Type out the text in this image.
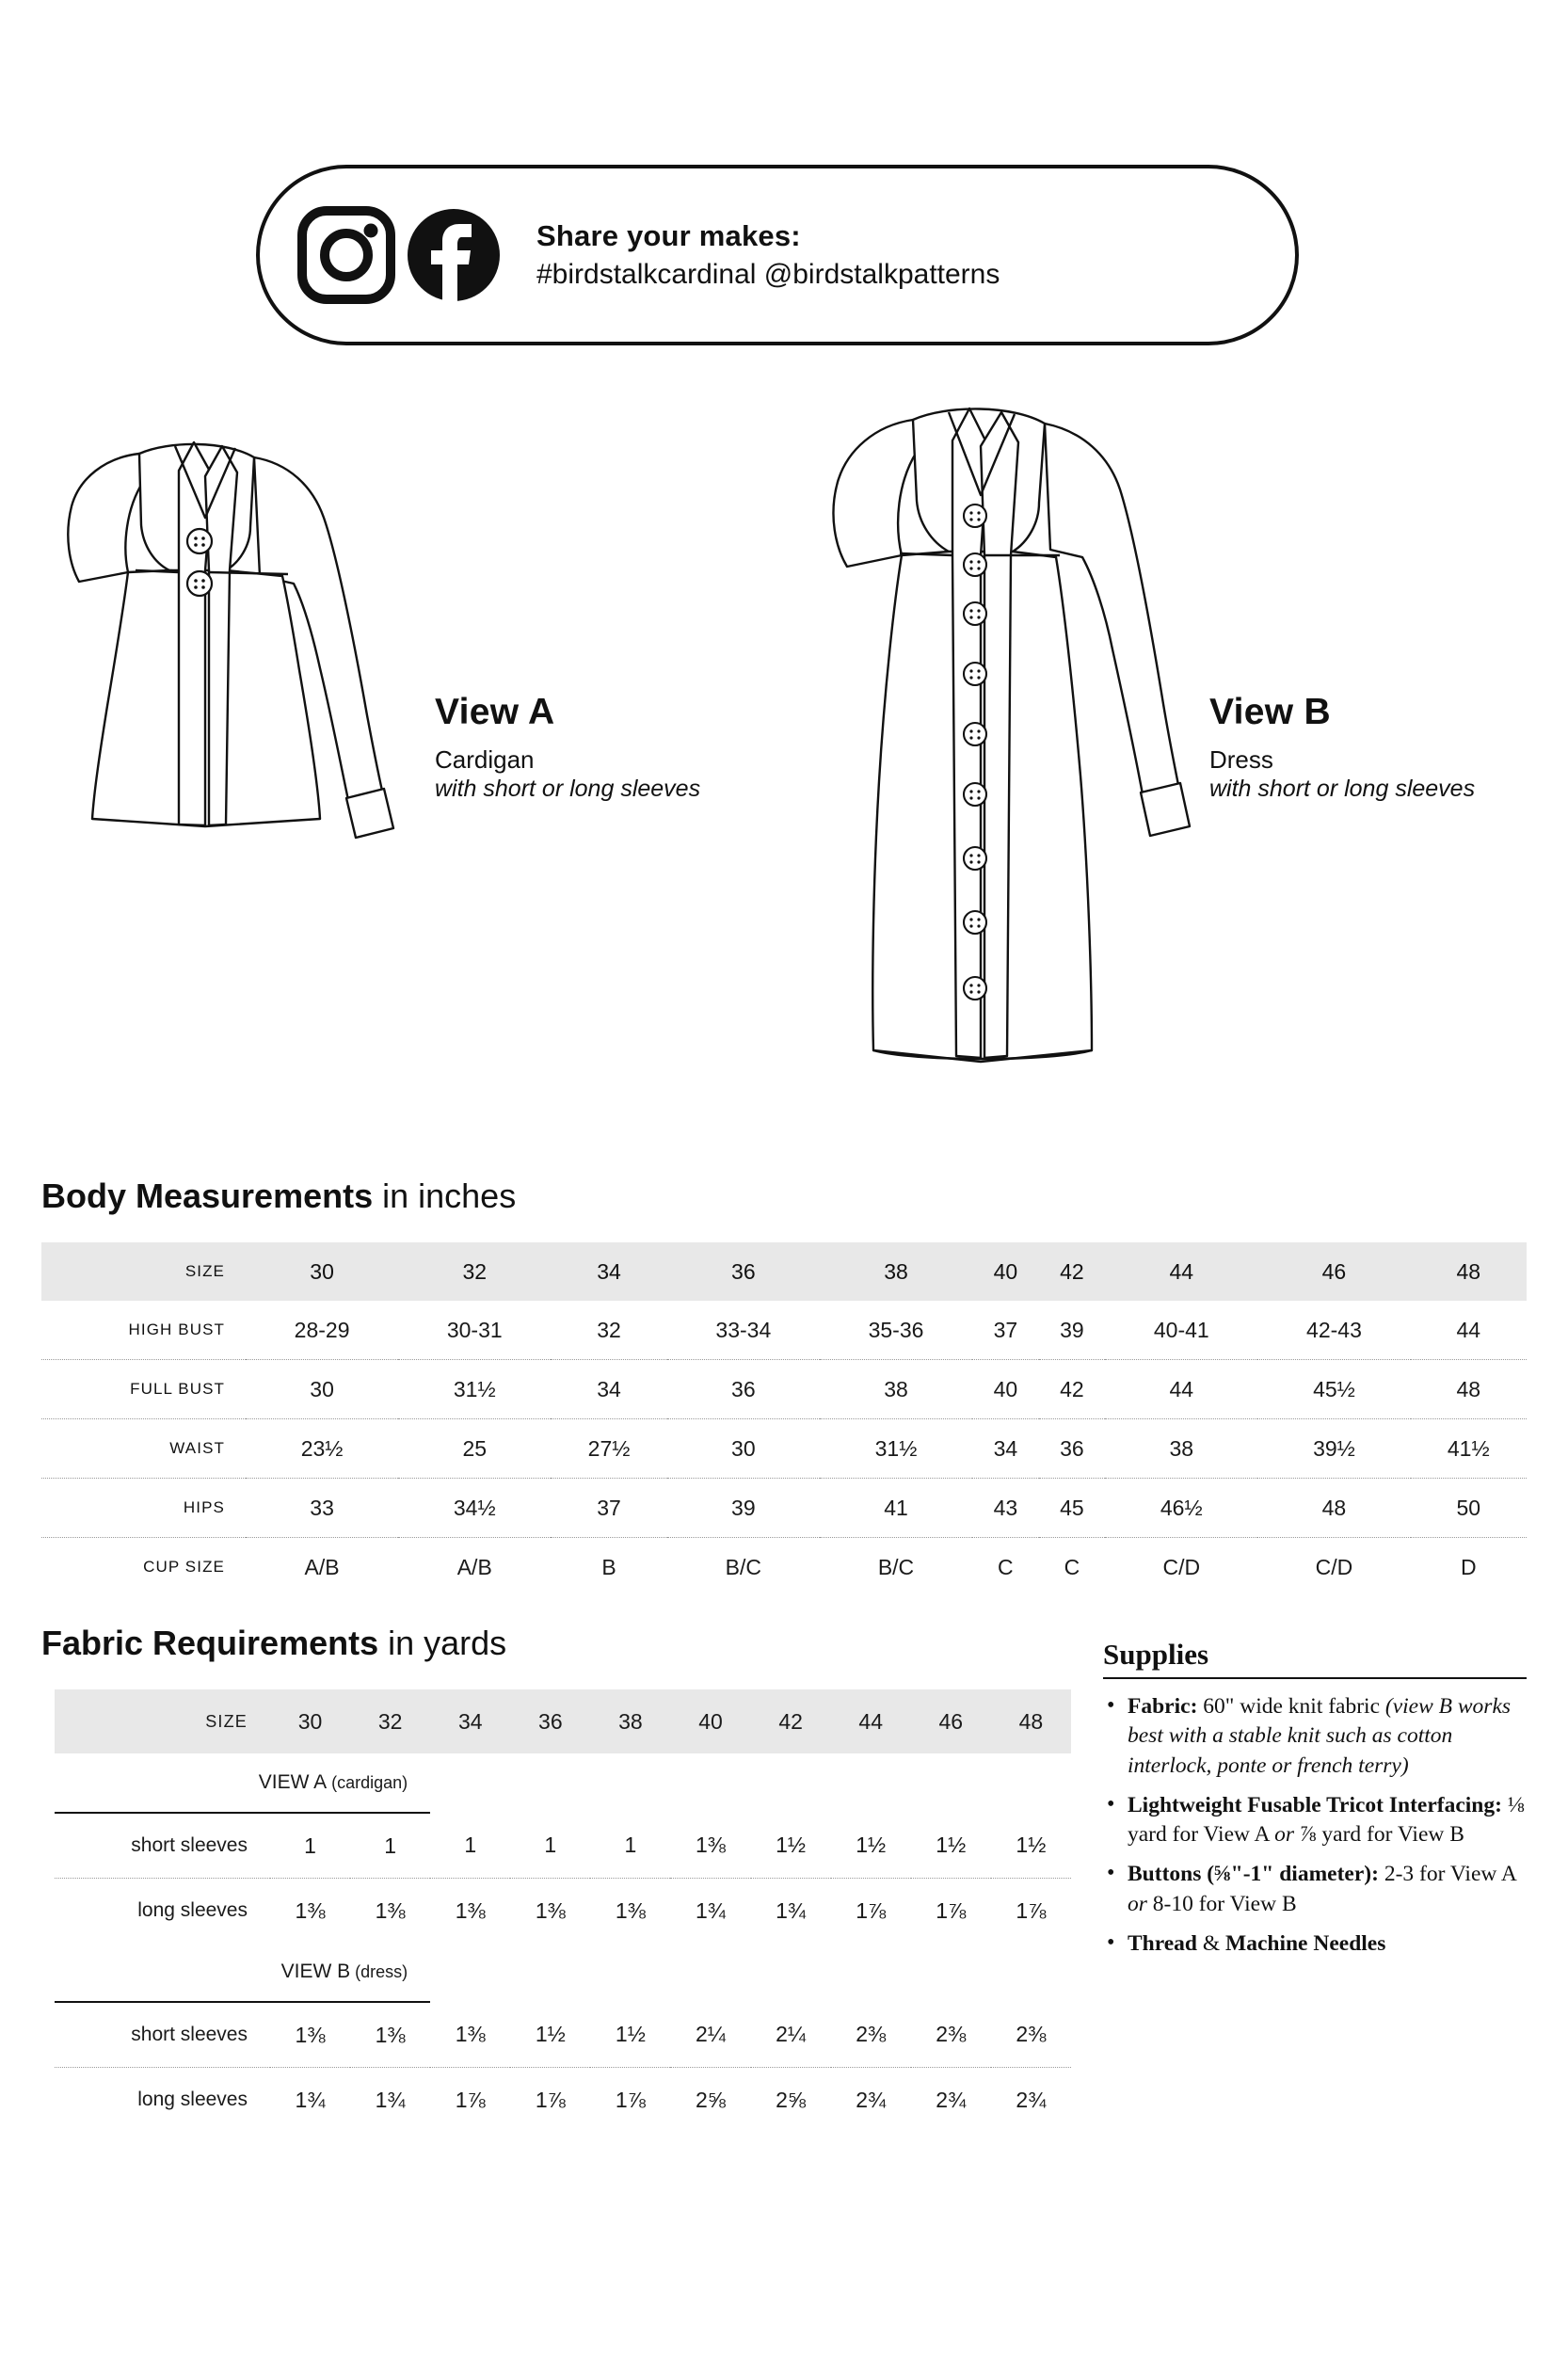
Share your makes:
#birdstalkcardinal @birdstalkpatterns
View A
Cardigan
with short or long sleeves
View B
Dress
with short or long sleeves
Body Measurements in inches
SIZE	30	32	34	36	38	40	42	44	46	48
HIGH BUST	28-29	30-31	32	33-34	35-36	37	39	40-41	42-43	44
FULL BUST	30	31½	34	36	38	40	42	44	45½	48
WAIST	23½	25	27½	30	31½	34	36	38	39½	41½
HIPS	33	34½	37	39	41	43	45	46½	48	50
CUP SIZE	A/B	A/B	B	B/C	B/C	C	C	C/D	C/D	D
Fabric Requirements in yards
SIZE	30	32	34	36	38	40	42	44	46	48
VIEW A (cardigan)										
short sleeves	1	1	1	1	1	1⅜	1½	1½	1½	1½
long sleeves	1⅜	1⅜	1⅜	1⅜	1⅜	1¾	1¾	1⅞	1⅞	1⅞
VIEW B (dress)										
short sleeves	1⅜	1⅜	1⅜	1½	1½	2¼	2¼	2⅜	2⅜	2⅜
long sleeves	1¾	1¾	1⅞	1⅞	1⅞	2⅝	2⅝	2¾	2¾	2¾
Supplies
• Fabric: 60" wide knit fabric (view B works best with a stable knit such as cotton interlock, ponte or french terry)
• Lightweight Fusable Tricot Interfacing: ⅛ yard for View A or ⅞ yard for View B
• Buttons (⅝"-1" diameter): 2-3 for View A or 8-10 for View B
• Thread & Machine Needles
